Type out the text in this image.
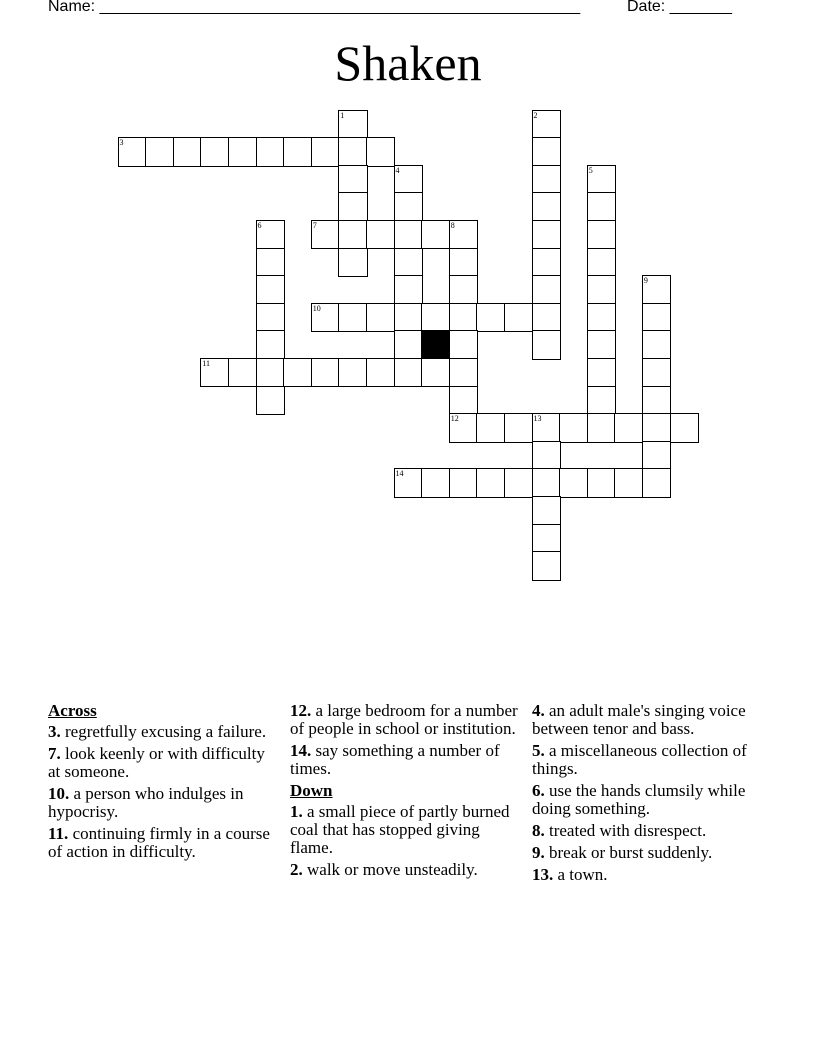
Name: ______________________________________________________	Date: _______
Shaken
1	2
3
4	5
6	7	8
9
10
11
12	13
14
Across
3. regretfully excusing a failure.
7. look keenly or with difficulty at someone.
10. a person who indulges in hypocrisy.
11. continuing firmly in a course of action in difficulty.
12. a large bedroom for a number of people in school or institution.
14. say something a number of times.
Down
1. a small piece of partly burned coal that has stopped giving flame.
2. walk or move unsteadily.
4. an adult male's singing voice between tenor and bass.
5. a miscellaneous collection of things.
6. use the hands clumsily while doing something.
8. treated with disrespect.
9. break or burst suddenly.
13. a town.
